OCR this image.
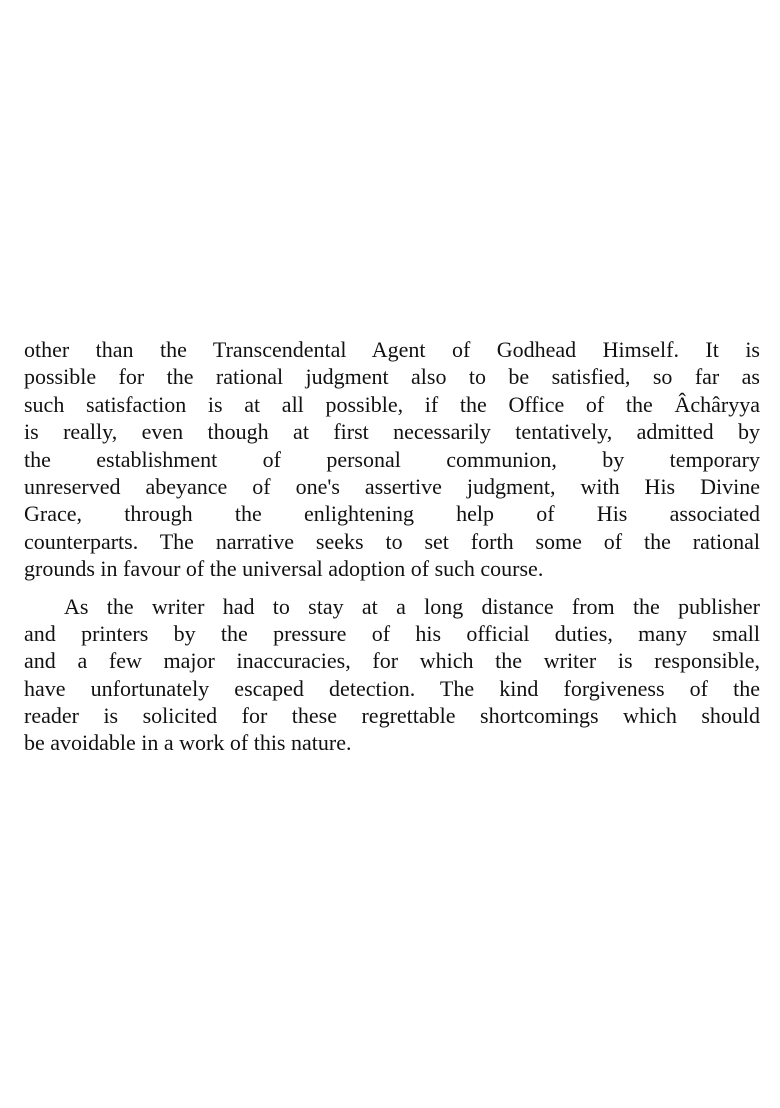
other than the Transcendental Agent of Godhead Himself. It is
possible for the rational judgment also to be satisfied, so far as
such satisfaction is at all possible, if the Office of the Âchâryya
is really, even though at first necessarily tentatively, admitted by
the establishment of personal communion, by temporary
unreserved abeyance of one's assertive judgment, with His Divine
Grace, through the enlightening help of His associated
counterparts. The narrative seeks to set forth some of the rational
grounds in favour of the universal adoption of such course.
As the writer had to stay at a long distance from the publisher
and printers by the pressure of his official duties, many small
and a few major inaccuracies, for which the writer is responsible,
have unfortunately escaped detection. The kind forgiveness of the
reader is solicited for these regrettable shortcomings which should
be avoidable in a work of this nature.
